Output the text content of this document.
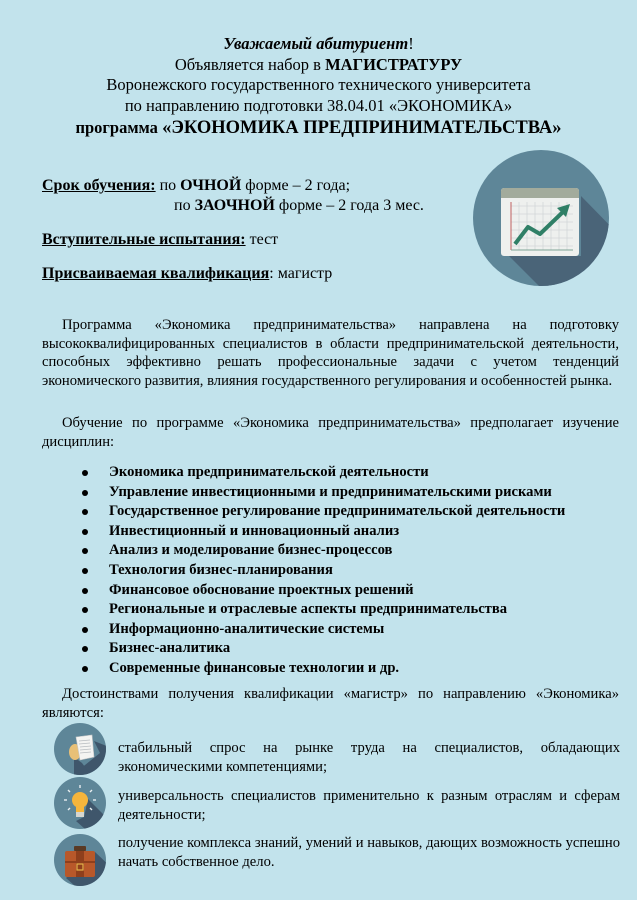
Уважаемый абитуриент!
Объявляется набор в МАГИСТРАТУРУ
Воронежского государственного технического университета
по направлению подготовки 38.04.01 «ЭКОНОМИКА»
программа «ЭКОНОМИКА ПРЕДПРИНИМАТЕЛЬСТВА»
Срок обучения: по ОЧНОЙ форме – 2 года;
по ЗАОЧНОЙ форме – 2 года 3 мес.
Вступительные испытания: тест
Присваиваемая квалификация: магистр
Программа «Экономика предпринимательства» направлена на подготовку высококвалифицированных специалистов в области предпринимательской деятельности, способных эффективно решать профессиональные задачи с учетом тенденций экономического развития, влияния государственного регулирования и особенностей рынка.
Обучение по программе «Экономика предпринимательства» предполагает изучение дисциплин:
Экономика предпринимательской деятельности
Управление инвестиционными и предпринимательскими рисками
Государственное регулирование предпринимательской деятельности
Инвестиционный и инновационный анализ
Анализ и моделирование бизнес-процессов
Технология бизнес-планирования
Финансовое обоснование проектных решений
Региональные и отраслевые аспекты предпринимательства
Информационно-аналитические системы
Бизнес-аналитика
Современные финансовые технологии и др.
Достоинствами получения квалификации «магистр» по направлению «Экономика» являются:
стабильный спрос на рынке труда на специалистов, обладающих экономическими компетенциями;
универсальность специалистов применительно к разным отраслям и сферам деятельности;
получение комплекса знаний, умений и навыков, дающих возможность успешно начать собственное дело.
